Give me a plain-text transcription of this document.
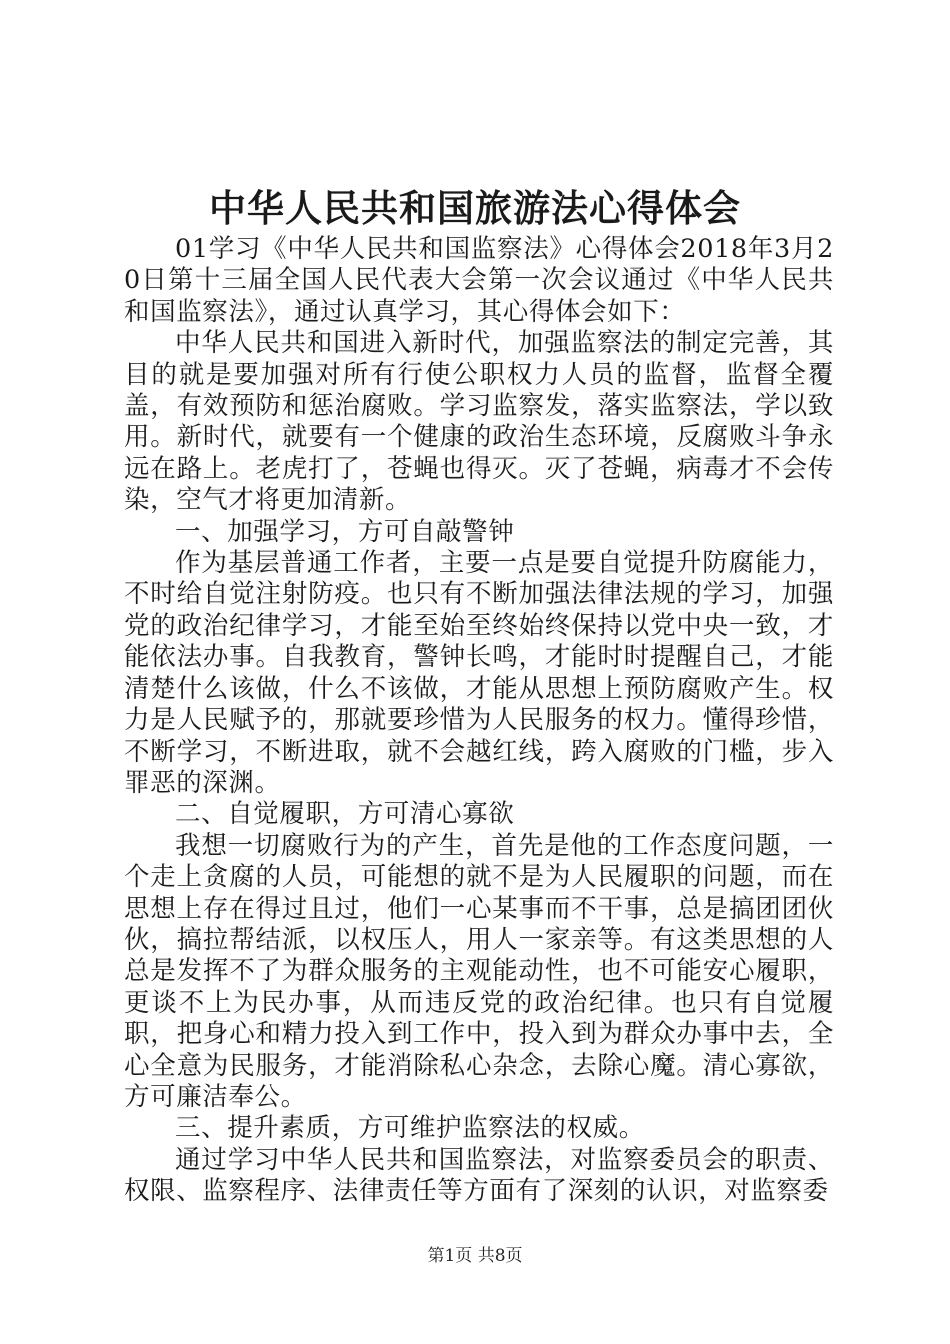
中华人民共和国旅游法心得体会

01学习《中华人民共和国监察法》心得体会2018年3月20日第十三届全国人民代表大会第一次会议通过《中华人民共和国监察法》，通过认真学习，其心得体会如下：

中华人民共和国进入新时代，加强监察法的制定完善，其目的就是要加强对所有行使公职权力人员的监督，监督全覆盖，有效预防和惩治腐败。学习监察发，落实监察法，学以致用。新时代，就要有一个健康的政治生态环境，反腐败斗争永远在路上。老虎打了，苍蝇也得灭。灭了苍蝇，病毒才不会传染，空气才将更加清新。

一、加强学习，方可自敲警钟

作为基层普通工作者，主要一点是要自觉提升防腐能力，不时给自觉注射防疫。也只有不断加强法律法规的学习，加强党的政治纪律学习，才能至始至终始终保持以党中央一致，才能依法办事。自我教育，警钟长鸣，才能时时提醒自己，才能清楚什么该做，什么不该做，才能从思想上预防腐败产生。权力是人民赋予的，那就要珍惜为人民服务的权力。懂得珍惜，不断学习，不断进取，就不会越红线，跨入腐败的门槛，步入罪恶的深渊。

二、自觉履职，方可清心寡欲

我想一切腐败行为的产生，首先是他的工作态度问题，一个走上贪腐的人员，可能想的就不是为人民履职的问题，而在思想上存在得过且过，他们一心某事而不干事，总是搞团团伙伙，搞拉帮结派，以权压人，用人一家亲等。有这类思想的人总是发挥不了为群众服务的主观能动性，也不可能安心履职，更谈不上为民办事，从而违反党的政治纪律。也只有自觉履职，把身心和精力投入到工作中，投入到为群众办事中去，全心全意为民服务，才能消除私心杂念，去除心魔。清心寡欲，方可廉洁奉公。

三、提升素质，方可维护监察法的权威。

通过学习中华人民共和国监察法，对监察委员会的职责、权限、监察程序、法律责任等方面有了深刻的认识，对监察委

第1页 共8页
